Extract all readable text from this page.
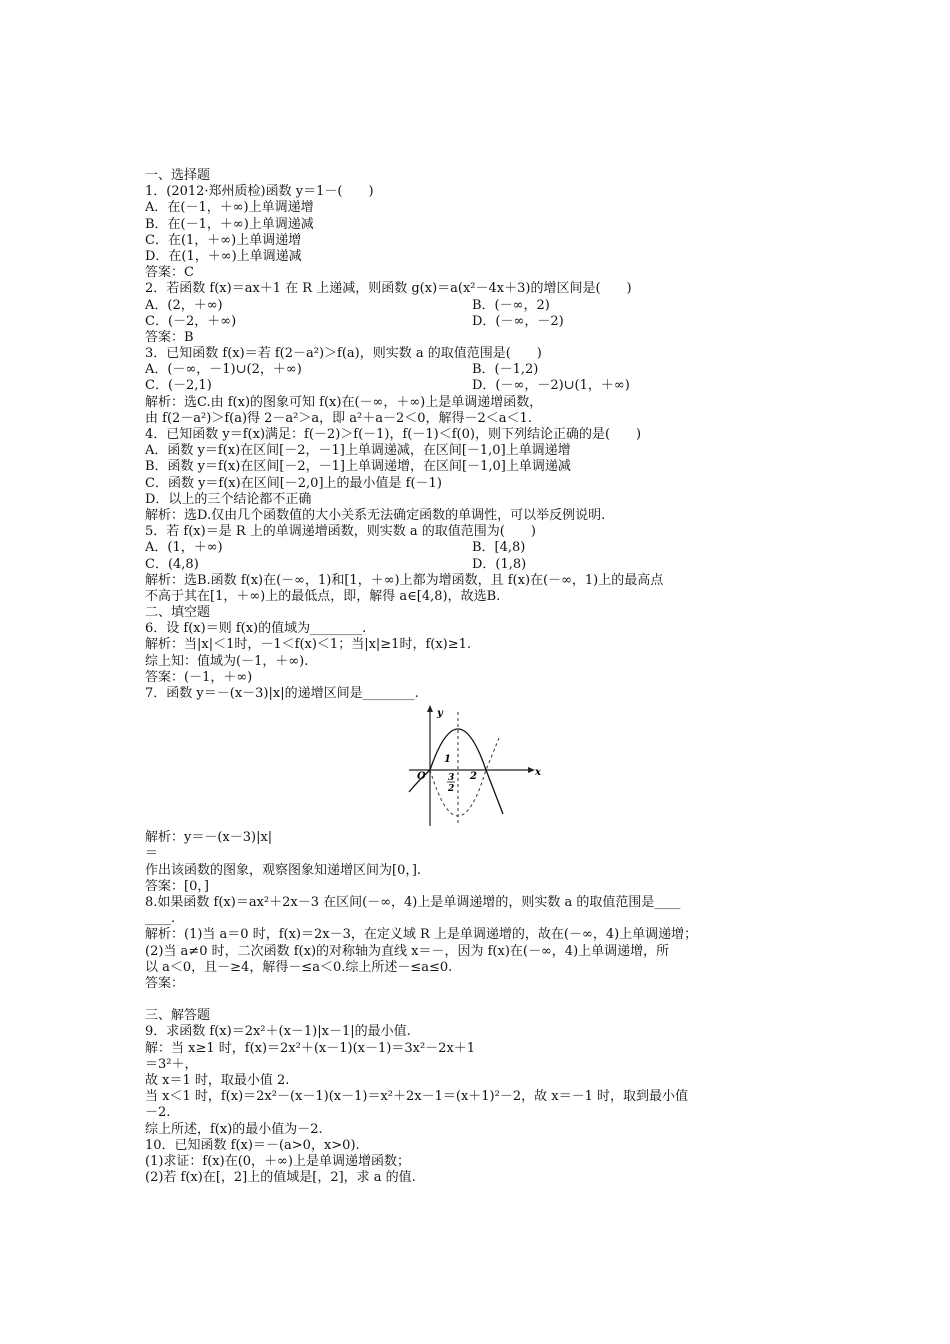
一、选择题
1．(2012·郑州质检)函数 y＝1－(　　)
A．在(－1，＋∞)上单调递增
B．在(－1，＋∞)上单调递减
C．在(1，＋∞)上单调递增
D．在(1，＋∞)上单调递减
答案：C
2．若函数 f(x)＝ax＋1 在 R 上递减，则函数 g(x)＝a(x²－4x＋3)的增区间是(　　)
A．(2，＋∞)	B．(－∞，2)
C．(－2，＋∞)	D．(－∞，－2)
答案：B
3．已知函数 f(x)＝若 f(2－a²)＞f(a)，则实数 a 的取值范围是(　　)
A．(－∞，－1)∪(2，＋∞)	B．(－1,2)
C．(－2,1)	D．(－∞，－2)∪(1，＋∞)
解析：选C.由 f(x)的图象可知 f(x)在(－∞，＋∞)上是单调递增函数，
由 f(2－a²)＞f(a)得 2－a²＞a，即 a²＋a－2＜0，解得－2＜a＜1.
4．已知函数 y＝f(x)满足：f(－2)＞f(－1)，f(－1)＜f(0)，则下列结论正确的是(　　)
A．函数 y＝f(x)在区间[－2，－1]上单调递减，在区间[－1,0]上单调递增
B．函数 y＝f(x)在区间[－2，－1]上单调递增，在区间[－1,0]上单调递减
C．函数 y＝f(x)在区间[－2,0]上的最小值是 f(－1)
D．以上的三个结论都不正确
解析：选D.仅由几个函数值的大小关系无法确定函数的单调性，可以举反例说明.
5．若 f(x)＝是 R 上的单调递增函数，则实数 a 的取值范围为(　　)
A．(1，＋∞)	B．[4,8)
C．(4,8)	D．(1,8)
解析：选B.函数 f(x)在(－∞，1)和[1，＋∞)上都为增函数，且 f(x)在(－∞，1)上的最高点
不高于其在[1，＋∞)上的最低点，即，解得 a∈[4,8)，故选B.
二、填空题
6．设 f(x)＝则 f(x)的值域为________.
解析：当|x|＜1时，－1＜f(x)＜1；当|x|≥1时，f(x)≥1.
综上知：值域为(－1，＋∞).
答案：(－1，＋∞)
7．函数 y＝－(x－3)|x|的递增区间是________.
y
x
O
1
2
3
2
解析：y＝－(x－3)|x|
＝
作出该函数的图象，观察图象知递增区间为[0，].
答案：[0，]
8.如果函数 f(x)＝ax²＋2x－3 在区间(－∞，4)上是单调递增的，则实数 a 的取值范围是____
____.
解析：(1)当 a＝0 时，f(x)＝2x－3，在定义域 R 上是单调递增的，故在(－∞，4)上单调递增；
(2)当 a≠0 时，二次函数 f(x)的对称轴为直线 x＝－，因为 f(x)在(－∞，4)上单调递增，所
以 a＜0，且－≥4，解得－≤a＜0.综上所述－≤a≤0.
答案：
三、解答题
9．求函数 f(x)＝2x²＋(x－1)|x－1|的最小值.
解：当 x≥1 时，f(x)＝2x²＋(x－1)(x－1)＝3x²－2x＋1
＝3²＋，
故 x＝1 时，取最小值 2.
当 x＜1 时，f(x)＝2x²－(x－1)(x－1)＝x²＋2x－1＝(x＋1)²－2，故 x＝－1 时，取到最小值
－2.
综上所述，f(x)的最小值为－2.
10．已知函数 f(x)＝－(a>0，x>0).
(1)求证：f(x)在(0，＋∞)上是单调递增函数；
(2)若 f(x)在[，2]上的值域是[，2]，求 a 的值.
